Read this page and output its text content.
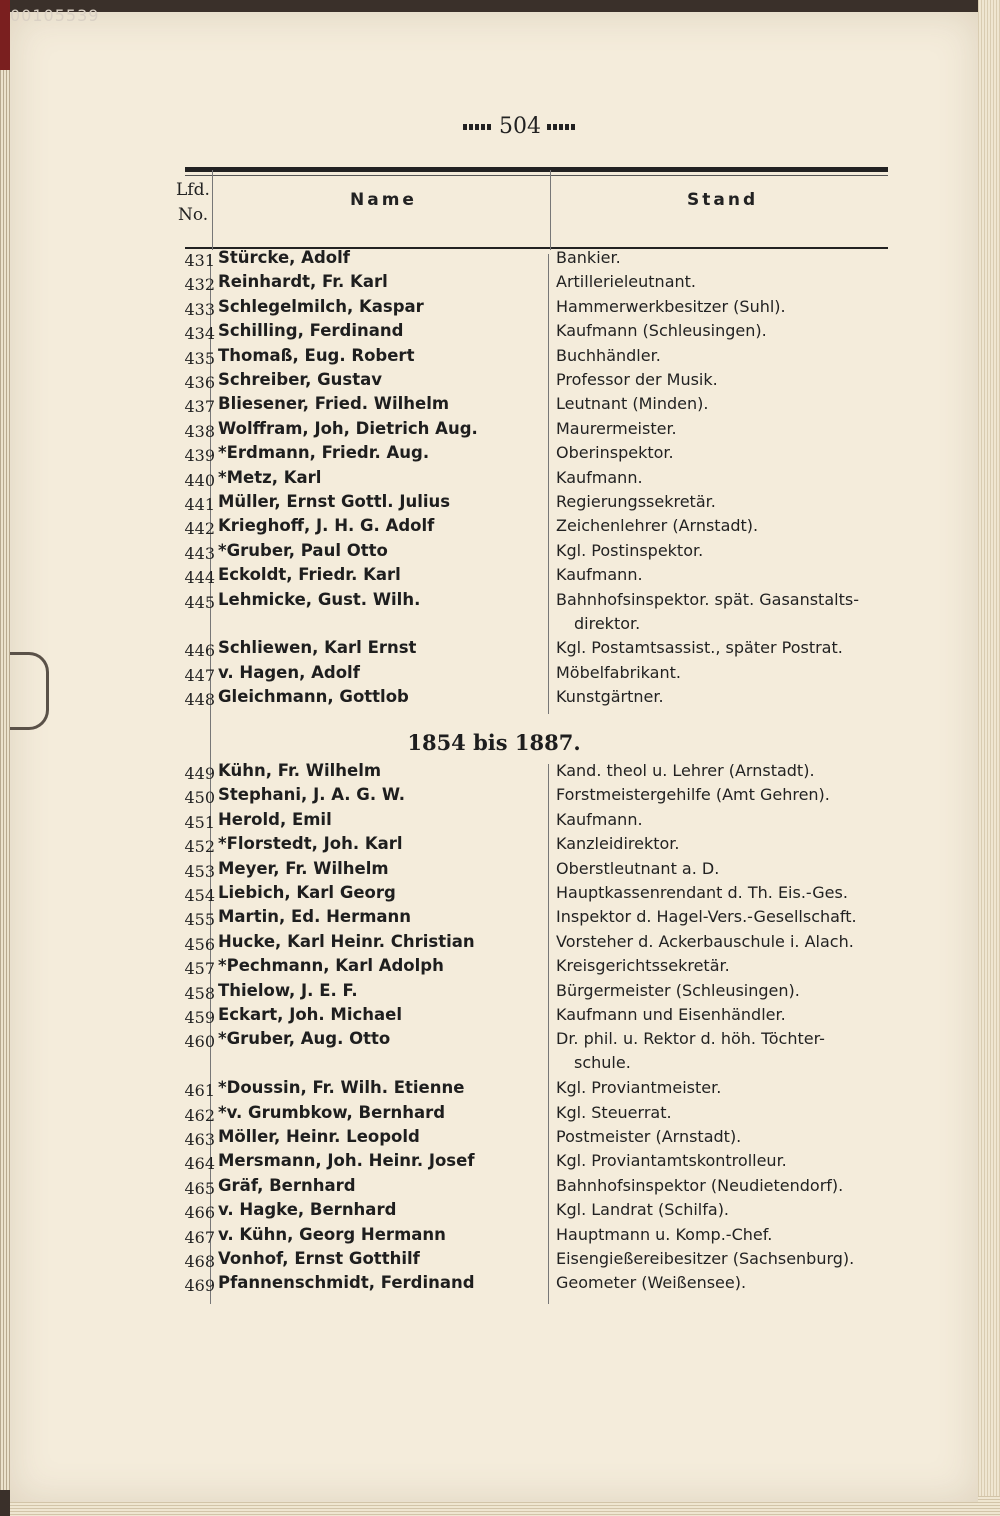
00105539
504
Lfd.
No.
Name	Stand
431 Stürcke, Adolf	Bankier.
432 Reinhardt, Fr. Karl	Artillerieleutnant.
433 Schlegelmilch, Kaspar	Hammerwerkbesitzer (Suhl).
434 Schilling, Ferdinand	Kaufmann (Schleusingen).
435 Thomaß, Eug. Robert	Buchhändler.
436 Schreiber, Gustav	Professor der Musik.
437 Bliesener, Fried. Wilhelm	Leutnant (Minden).
438 Wolffram, Joh, Dietrich Aug.	Maurermeister.
439 *Erdmann, Friedr. Aug.	Oberinspektor.
440 *Metz, Karl	Kaufmann.
441 Müller, Ernst Gottl. Julius	Regierungssekretär.
442 Krieghoff, J. H. G. Adolf	Zeichenlehrer (Arnstadt).
443 *Gruber, Paul Otto	Kgl. Postinspektor.
444 Eckoldt, Friedr. Karl	Kaufmann.
445 Lehmicke, Gust. Wilh.	Bahnhofsinspektor. spät. Gasanstalts-
direktor.
446 Schliewen, Karl Ernst	Kgl. Postamtsassist., später Postrat.
447 v. Hagen, Adolf	Möbelfabrikant.
448 Gleichmann, Gottlob	Kunstgärtner.
1854 bis 1887.
449 Kühn, Fr. Wilhelm	Kand. theol u. Lehrer (Arnstadt).
450 Stephani, J. A. G. W.	Forstmeistergehilfe (Amt Gehren).
451 Herold, Emil	Kaufmann.
452 *Florstedt, Joh. Karl	Kanzleidirektor.
453 Meyer, Fr. Wilhelm	Oberstleutnant a. D.
454 Liebich, Karl Georg	Hauptkassenrendant d. Th. Eis.-Ges.
455 Martin, Ed. Hermann	Inspektor d. Hagel-Vers.-Gesellschaft.
456 Hucke, Karl Heinr. Christian	Vorsteher d. Ackerbauschule i. Alach.
457 *Pechmann, Karl Adolph	Kreisgerichtssekretär.
458 Thielow, J. E. F.	Bürgermeister (Schleusingen).
459 Eckart, Joh. Michael	Kaufmann und Eisenhändler.
460 *Gruber, Aug. Otto	Dr. phil. u. Rektor d. höh. Töchter-
schule.
461 *Doussin, Fr. Wilh. Etienne	Kgl. Proviantmeister.
462 *v. Grumbkow, Bernhard	Kgl. Steuerrat.
463 Möller, Heinr. Leopold	Postmeister (Arnstadt).
464 Mersmann, Joh. Heinr. Josef	Kgl. Proviantamtskontrolleur.
465 Gräf, Bernhard	Bahnhofsinspektor (Neudietendorf).
466 v. Hagke, Bernhard	Kgl. Landrat (Schilfa).
467 v. Kühn, Georg Hermann	Hauptmann u. Komp.-Chef.
468 Vonhof, Ernst Gotthilf	Eisengießereibesitzer (Sachsenburg).
469 Pfannenschmidt, Ferdinand	Geometer (Weißensee).
